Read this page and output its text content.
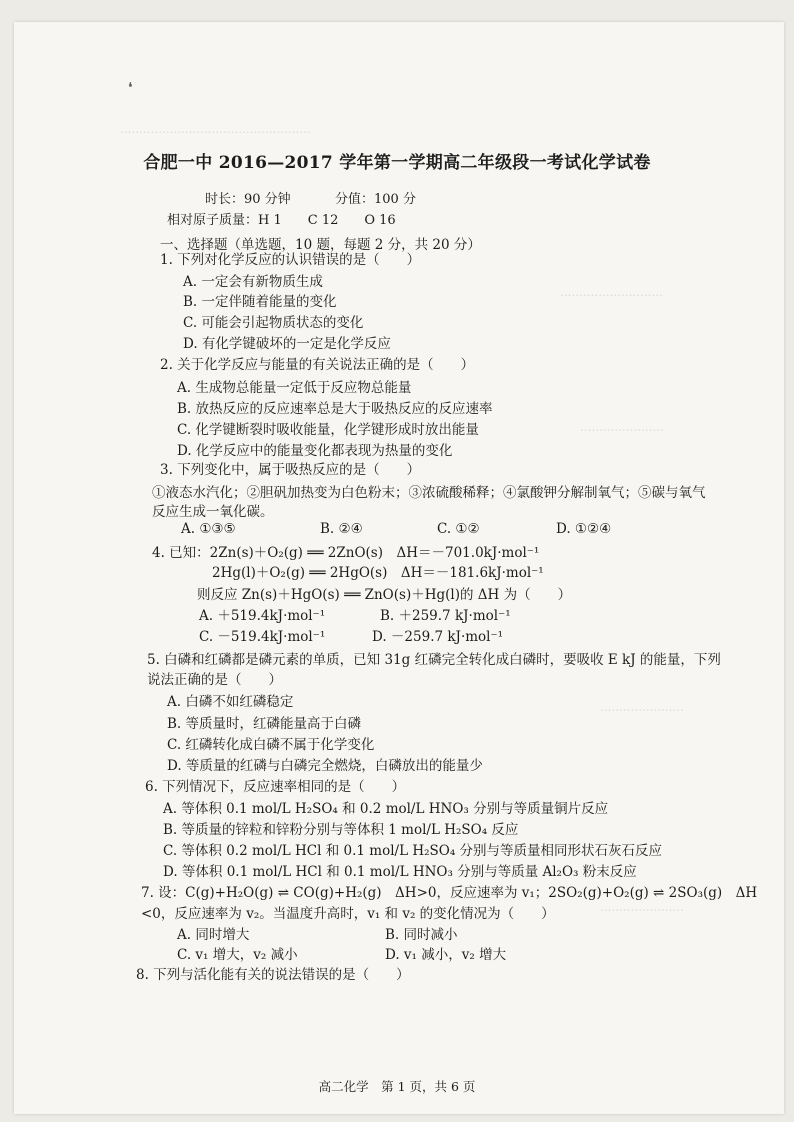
..................................................
...........................
......................
......................
......................
❛
合肥一中 2016—2017 学年第一学期高二年级段一考试化学试卷
时长：90 分钟	分值：100 分
相对原子质量：H 1　　C 12　　O 16
一、选择题（单选题，10 题，每题 2 分，共 20 分）
1. 下列对化学反应的认识错误的是（　　）
A. 一定会有新物质生成
B. 一定伴随着能量的变化
C. 可能会引起物质状态的变化
D. 有化学键破坏的一定是化学反应
2. 关于化学反应与能量的有关说法正确的是（　　）
A. 生成物总能量一定低于反应物总能量
B. 放热反应的反应速率总是大于吸热反应的反应速率
C. 化学键断裂时吸收能量，化学键形成时放出能量
D. 化学反应中的能量变化都表现为热量的变化
3. 下列变化中，属于吸热反应的是（　　）
①液态水汽化；②胆矾加热变为白色粉末；③浓硫酸稀释；④氯酸钾分解制氧气；⑤碳与氧气
反应生成一氧化碳。
A. ①③⑤	B. ②④	C. ①②	D. ①②④
4. 已知：2Zn(s)＋O₂(g) ══ 2ZnO(s)　ΔH＝－701.0kJ·mol⁻¹
2Hg(l)＋O₂(g) ══ 2HgO(s)　ΔH＝－181.6kJ·mol⁻¹
则反应 Zn(s)＋HgO(s) ══ ZnO(s)＋Hg(l)的 ΔH 为（　　）
A. ＋519.4kJ·mol⁻¹	B. ＋259.7 kJ·mol⁻¹
C. －519.4kJ·mol⁻¹	D. －259.7 kJ·mol⁻¹
5. 白磷和红磷都是磷元素的单质，已知 31g 红磷完全转化成白磷时，要吸收 E kJ 的能量，下列
说法正确的是（　　）
A. 白磷不如红磷稳定
B. 等质量时，红磷能量高于白磷
C. 红磷转化成白磷不属于化学变化
D. 等质量的红磷与白磷完全燃烧，白磷放出的能量少
6. 下列情况下，反应速率相同的是（　　）
A. 等体积 0.1 mol/L H₂SO₄ 和 0.2 mol/L HNO₃ 分别与等质量铜片反应
B. 等质量的锌粒和锌粉分别与等体积 1 mol/L H₂SO₄ 反应
C. 等体积 0.2 mol/L HCl 和 0.1 mol/L H₂SO₄ 分别与等质量相同形状石灰石反应
D. 等体积 0.1 mol/L HCl 和 0.1 mol/L HNO₃ 分别与等质量 Al₂O₃ 粉末反应
7. 设：C(g)+H₂O(g) ⇌ CO(g)+H₂(g)　ΔH>0，反应速率为 v₁；2SO₂(g)+O₂(g) ⇌ 2SO₃(g)　ΔH
<0，反应速率为 v₂。当温度升高时，v₁ 和 v₂ 的变化情况为（　　）
A. 同时增大	B. 同时减小
C. v₁ 增大，v₂ 减小	D. v₁ 减小，v₂ 增大
8. 下列与活化能有关的说法错误的是（　　）
高二化学　第 1 页，共 6 页
